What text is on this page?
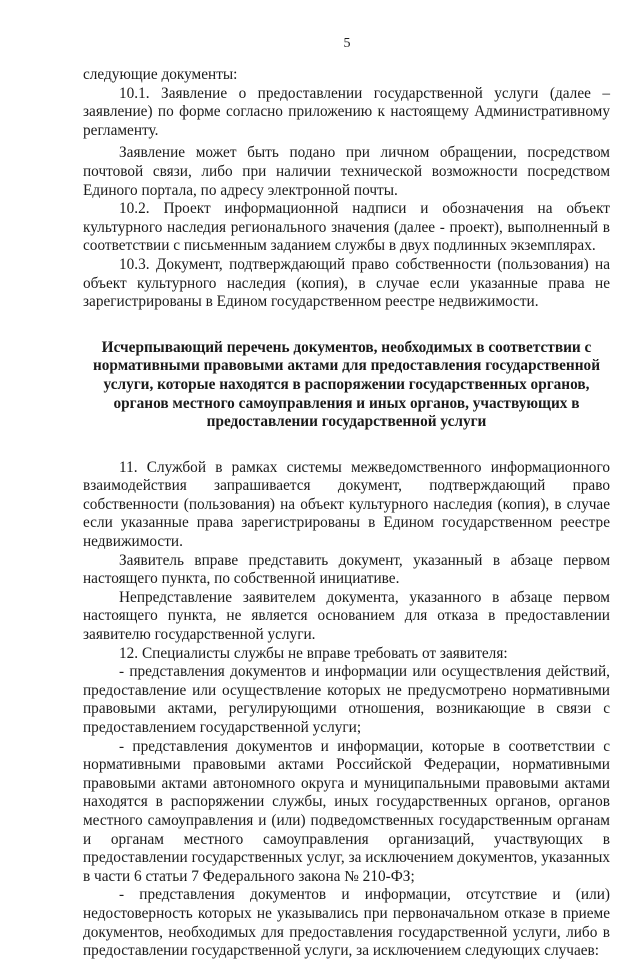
5

следующие документы:

10.1. Заявление о предоставлении государственной услуги (далее – заявление) по форме согласно приложению к настоящему Административному регламенту.

Заявление может быть подано при личном обращении, посредством почтовой связи, либо при наличии технической возможности посредством Единого портала, по адресу электронной почты.

10.2. Проект информационной надписи и обозначения на объект культурного наследия регионального значения (далее - проект), выполненный в соответствии с письменным заданием службы в двух подлинных экземплярах.

10.3. Документ, подтверждающий право собственности (пользования) на объект культурного наследия (копия), в случае если указанные права не зарегистрированы в Едином государственном реестре недвижимости.

Исчерпывающий перечень документов, необходимых в соответствии с нормативными правовыми актами для предоставления государственной услуги, которые находятся в распоряжении государственных органов, органов местного самоуправления и иных органов, участвующих в предоставлении государственной услуги

11. Службой в рамках системы межведомственного информационного взаимодействия запрашивается документ, подтверждающий право собственности (пользования) на объект культурного наследия (копия), в случае если указанные права зарегистрированы в Едином государственном реестре недвижимости.

Заявитель вправе представить документ, указанный в абзаце первом настоящего пункта, по собственной инициативе.

Непредставление заявителем документа, указанного в абзаце первом настоящего пункта, не является основанием для отказа в предоставлении заявителю государственной услуги.

12. Специалисты службы не вправе требовать от заявителя:

- представления документов и информации или осуществления действий, предоставление или осуществление которых не предусмотрено нормативными правовыми актами, регулирующими отношения, возникающие в связи с предоставлением государственной услуги;

- представления документов и информации, которые в соответствии с нормативными правовыми актами Российской Федерации, нормативными правовыми актами автономного округа и муниципальными правовыми актами находятся в распоряжении службы, иных государственных органов, органов местного самоуправления и (или) подведомственных государственным органам и органам местного самоуправления организаций, участвующих в предоставлении государственных услуг, за исключением документов, указанных в части 6 статьи 7 Федерального закона № 210-ФЗ;

- представления документов и информации, отсутствие и (или) недостоверность которых не указывались при первоначальном отказе в приеме документов, необходимых для предоставления государственной услуги, либо в предоставлении государственной услуги, за исключением следующих случаев:
